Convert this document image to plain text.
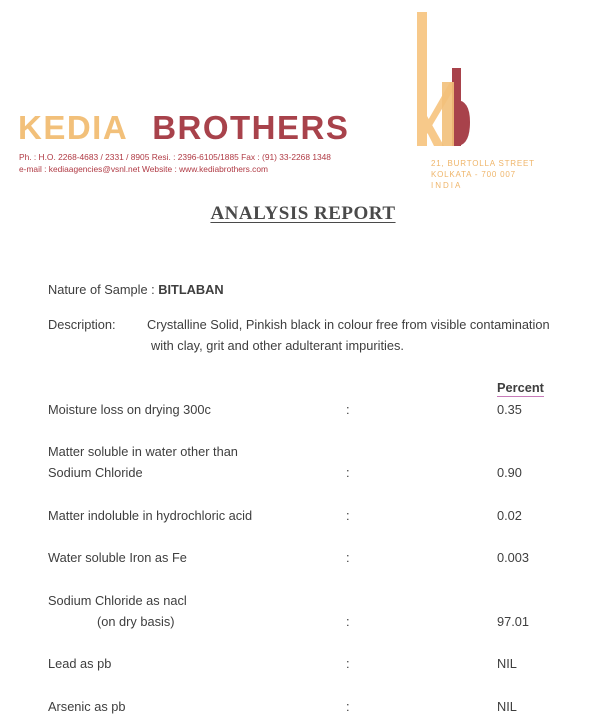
KEDIA BROTHERS
Ph. : H.O. 2268-4683 / 2331 / 8905 Resi. : 2396-6105/1885 Fax : (91) 33-2268 1348
e-mail : kediaagencies@vsnl.net Website : www.kediabrothers.com
21, BURTOLLA STREET
KOLKATA - 700 007
INDIA
ANALYSIS REPORT
Nature of Sample : BITLABAN
Description: Crystalline Solid, Pinkish black in colour free from visible contamination
with clay, grit and other adulterant impurities.
Percent
Moisture loss on drying 300c	:	0.35
Matter soluble in water other than
Sodium Chloride	:	0.90
Matter indoluble in hydrochloric acid	:	0.02
Water soluble Iron as Fe	:	0.003
Sodium Chloride as nacl
(on dry basis)	:	97.01
Lead as pb	:	NIL
Arsenic as pb	:	NIL
